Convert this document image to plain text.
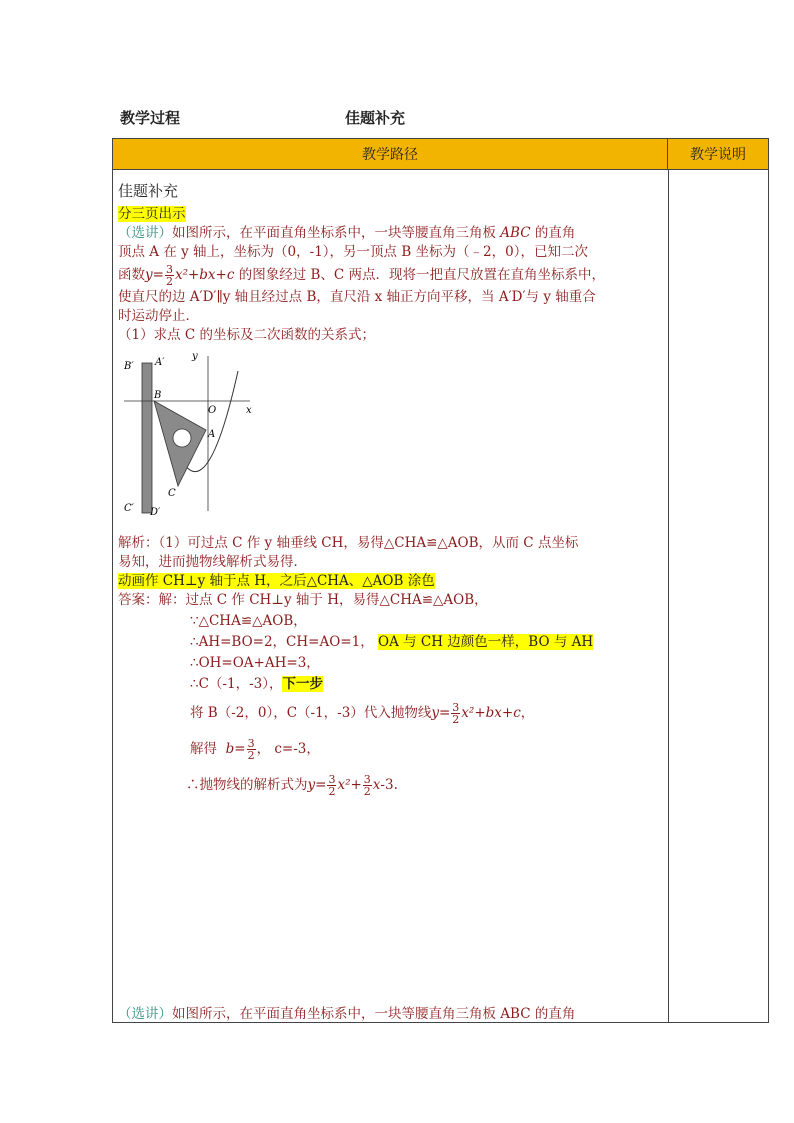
教学过程	佳题补充
教学路径	教学说明
佳题补充
分三页出示
（选讲）如图所示，在平面直角坐标系中，一块等腰直角三角板 ABC 的直角
顶点 A 在 y 轴上，坐标为（0，-1），另一顶点 B 坐标为（﹣2，0），已知二次
函数$y= \frac{3}{2} x^2+bx+c$ 的图象经过 B、C 两点．现将一把直尺放置在直角坐标系中，
使直尺的边 A′D′∥y 轴且经过点 B，直尺沿 x 轴正方向平移，当 A′D′与 y 轴重合
时运动停止．
（1）求点 C 的坐标及二次函数的关系式；
B′ A′
y
B
O	x
A
C
C′ D′
解析：（1）可过点 C 作 y 轴垂线 CH，易得△CHA≌△AOB，从而 C 点坐标
易知，进而抛物线解析式易得．
动画作 CH⊥y 轴于点 H，之后△CHA、△AOB 涂色
答案：解：过点 C 作 CH⊥y 轴于 H，易得△CHA≌△AOB，
∵△CHA≌△AOB，
∴AH=BO=2，CH=AO=1， OA 与 CH 边颜色一样，BO 与 AH
∴OH=OA+AH=3，
∴C（-1，-3），下一步
将 B（-2，0），C（-1，-3）代入抛物线$y= \frac{3}{2} x^2+bx+c$，
解得 $b= \frac{3}{2}$ ， c=-3，
∴抛物线的解析式为$y= \frac{3}{2} x^2+ \frac{3}{2} x-3$.
（选讲）如图所示，在平面直角坐标系中，一块等腰直角三角板 ABC 的直角
